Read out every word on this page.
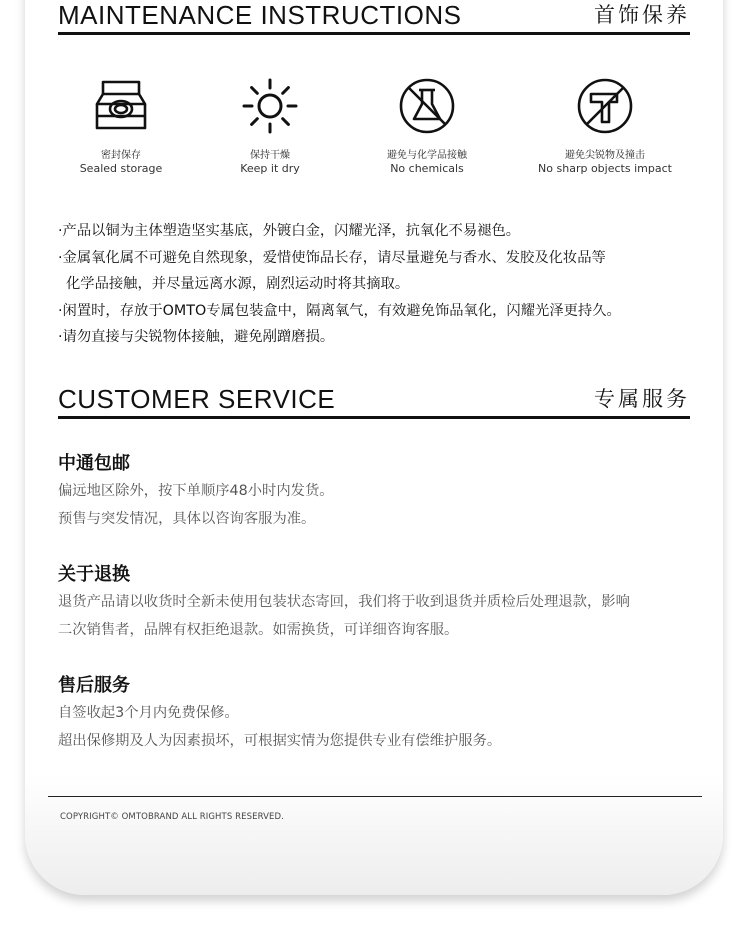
MAINTENANCE INSTRUCTIONS	首饰保养
密封保存
Sealed storage
保持干燥
Keep it dry
避免与化学品接触
No chemicals
避免尖锐物及撞击
No sharp objects impact
·产品以铜为主体塑造坚实基底，外镀白金，闪耀光泽，抗氧化不易褪色。
·金属氧化属不可避免自然现象，爱惜使饰品长存，请尽量避免与香水、发胶及化妆品等
化学品接触，并尽量远离水源，剧烈运动时将其摘取。
·闲置时，存放于OMTO专属包装盒中，隔离氧气，有效避免饰品氧化，闪耀光泽更持久。
·请勿直接与尖锐物体接触，避免剐蹭磨损。
CUSTOMER SERVICE	专属服务
中通包邮
偏远地区除外，按下单顺序48小时内发货。
预售与突发情况，具体以咨询客服为准。
关于退换
退货产品请以收货时全新未使用包装状态寄回，我们将于收到退货并质检后处理退款，影响
二次销售者，品牌有权拒绝退款。如需换货，可详细咨询客服。
售后服务
自签收起3个月内免费保修。
超出保修期及人为因素损坏，可根据实情为您提供专业有偿维护服务。
COPYRIGHT© OMTOBRAND ALL RIGHTS RESERVED.
